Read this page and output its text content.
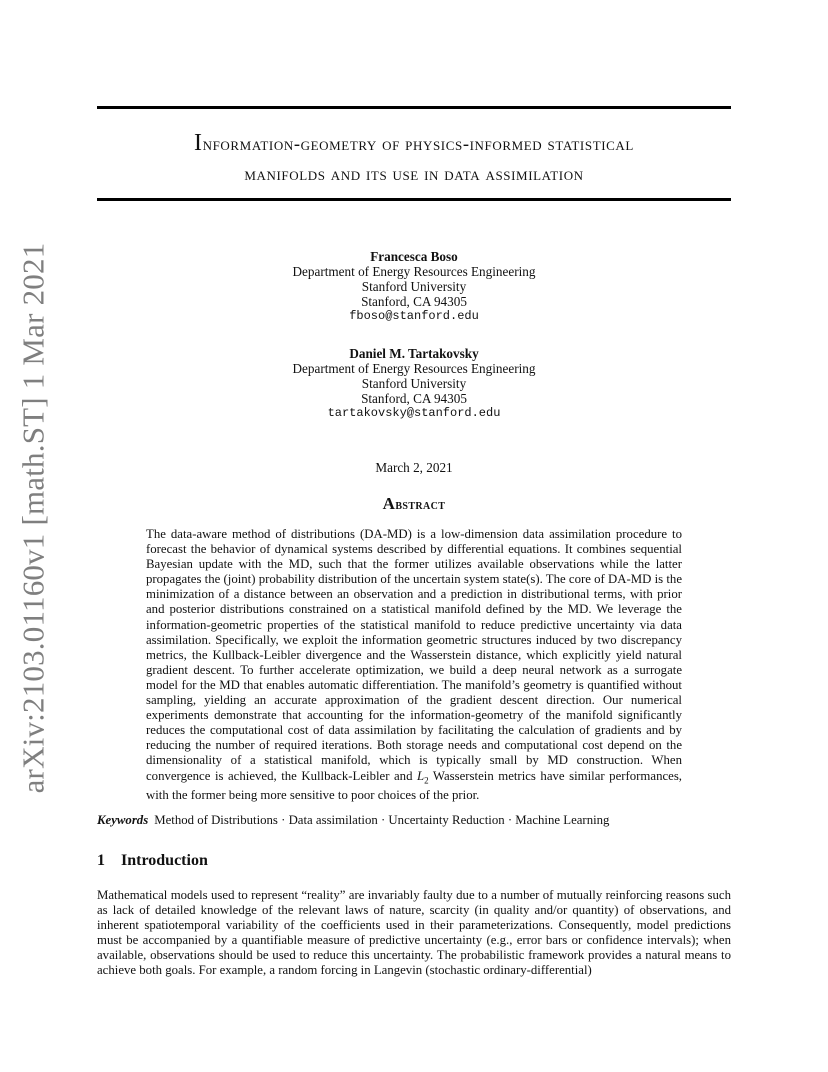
arXiv:2103.01160v1 [math.ST] 1 Mar 2021
Information-geometry of physics-informed statistical
manifolds and its use in data assimilation
Francesca Boso
Department of Energy Resources Engineering
Stanford University
Stanford, CA 94305
fboso@stanford.edu
Daniel M. Tartakovsky
Department of Energy Resources Engineering
Stanford University
Stanford, CA 94305
tartakovsky@stanford.edu
March 2, 2021
Abstract
The data-aware method of distributions (DA-MD) is a low-dimension data assimilation procedure to forecast the behavior of dynamical systems described by differential equations. It combines sequential Bayesian update with the MD, such that the former utilizes available observations while the latter propagates the (joint) probability distribution of the uncertain system state(s). The core of DA-MD is the minimization of a distance between an observation and a prediction in distributional terms, with prior and posterior distributions constrained on a statistical manifold defined by the MD. We leverage the information-geometric properties of the statistical manifold to reduce predictive uncertainty via data assimilation. Specifically, we exploit the information geometric structures induced by two discrepancy metrics, the Kullback-Leibler divergence and the Wasserstein distance, which explicitly yield natural gradient descent. To further accelerate optimization, we build a deep neural network as a surrogate model for the MD that enables automatic differentiation. The manifold’s geometry is quantified without sampling, yielding an accurate approximation of the gradient descent direction. Our numerical experiments demonstrate that accounting for the information-geometry of the manifold significantly reduces the computational cost of data assimilation by facilitating the calculation of gradients and by reducing the number of required iterations. Both storage needs and computational cost depend on the dimensionality of a statistical manifold, which is typically small by MD construction. When convergence is achieved, the Kullback-Leibler and $L_2$ Wasserstein metrics have similar performances, with the former being more sensitive to poor choices of the prior.
Keywords Method of Distributions · Data assimilation · Uncertainty Reduction · Machine Learning
1 Introduction
Mathematical models used to represent “reality” are invariably faulty due to a number of mutually reinforcing reasons such as lack of detailed knowledge of the relevant laws of nature, scarcity (in quality and/or quantity) of observations, and inherent spatiotemporal variability of the coefficients used in their parameterizations. Consequently, model predictions must be accompanied by a quantifiable measure of predictive uncertainty (e.g., error bars or confidence intervals); when available, observations should be used to reduce this uncertainty. The probabilistic framework provides a natural means to achieve both goals. For example, a random forcing in Langevin (stochastic ordinary-differential)
